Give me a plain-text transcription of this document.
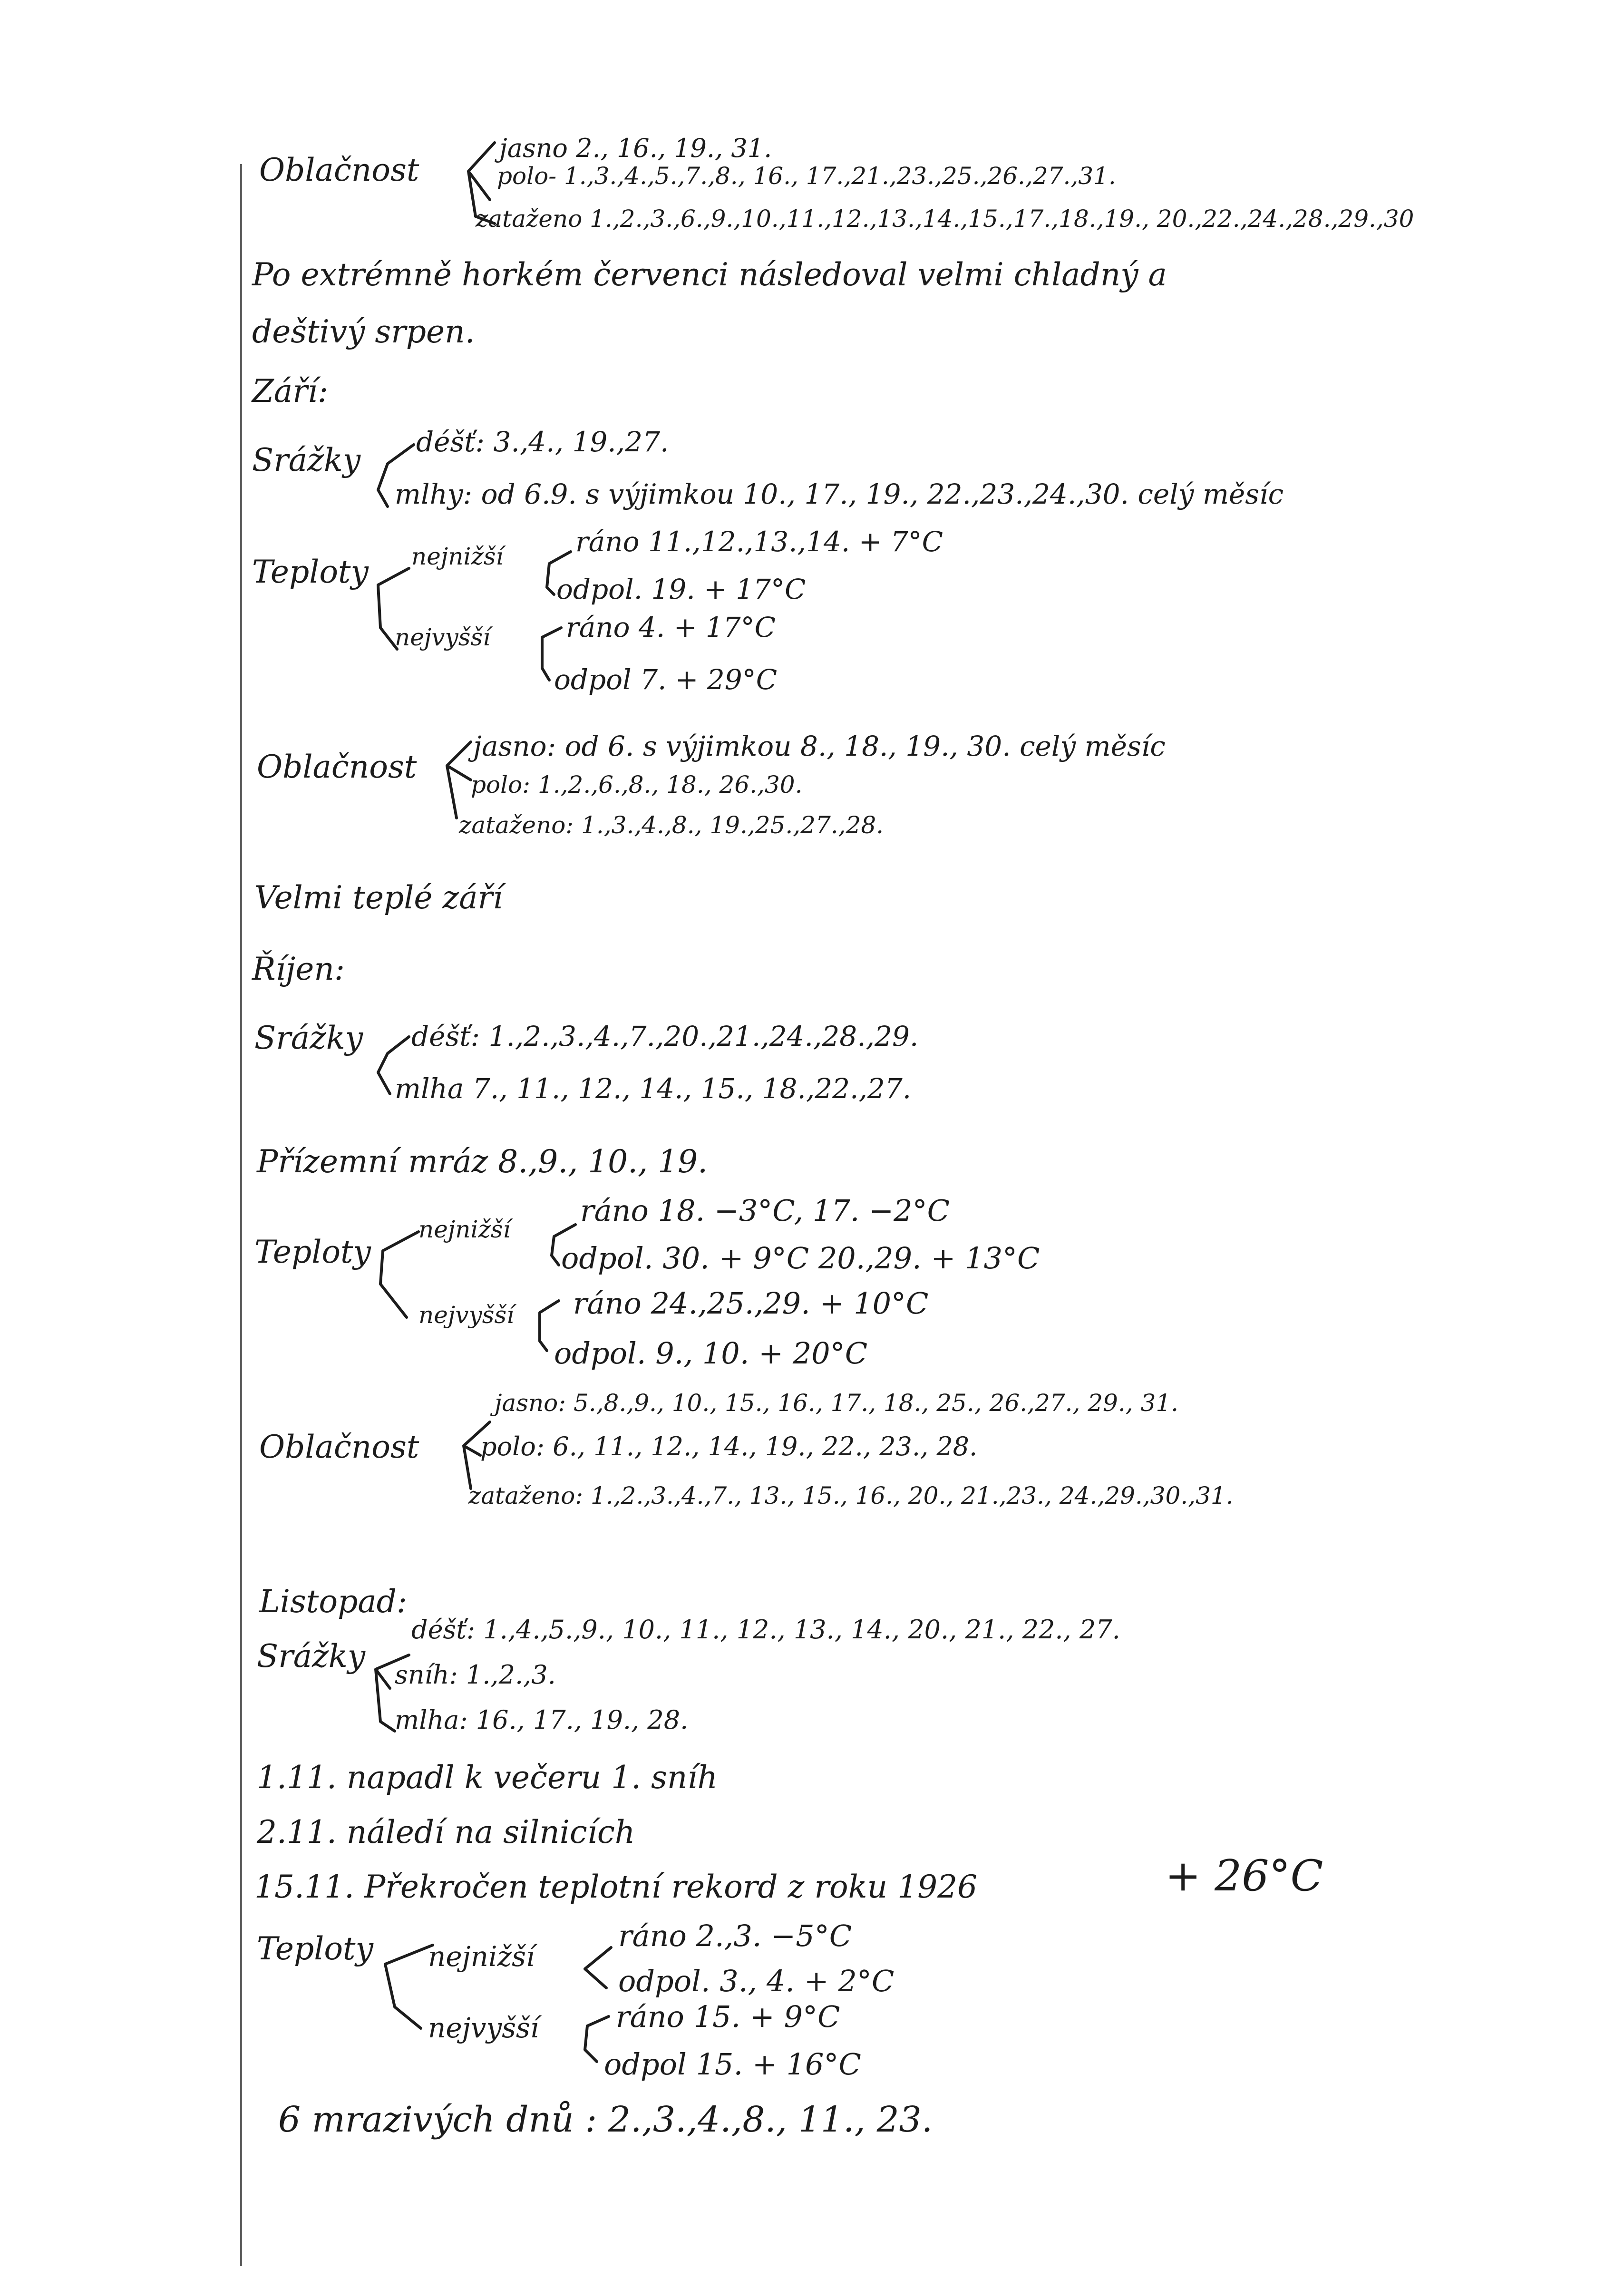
Oblačnost
jasno 2., 16., 19., 31.
polo- 1.,3.,4.,5.,7.,8., 16., 17.,21.,23.,25.,26.,27.,31.
zataženo 1.,2.,3.,6.,9.,10.,11.,12.,13.,14.,15.,17.,18.,19., 20.,22.,24.,28.,29.,30
Po extrémně horkém červenci následoval velmi chladný a
deštivý srpen.
Září:
Srážky déšť: 3.,4., 19.,27.
mlhy: od 6.9. s výjimkou 10., 17., 19., 22.,23.,24.,30. celý měsíc
Teploty nejnižší	ráno 11.,12.,13.,14. + 7°C
odpol. 19. + 17°C
nejvyšší	ráno 4. + 17°C
odpol 7. + 29°C
Oblačnost
jasno: od 6. s výjimkou 8., 18., 19., 30. celý měsíc
polo: 1.,2.,6.,8., 18., 26.,30.
zataženo: 1.,3.,4.,8., 19.,25.,27.,28.
Velmi teplé září
Říjen:
Srážky déšť: 1.,2.,3.,4.,7.,20.,21.,24.,28.,29.
mlha 7., 11., 12., 14., 15., 18.,22.,27.
Přízemní mráz 8.,9., 10., 19.
Teploty
nejnižší
ráno 18. −3°C, 17. −2°C
odpol. 30. + 9°C 20.,29. + 13°C
nejvyšší ráno 24.,25.,29. + 10°C
odpol. 9., 10. + 20°C
Oblačnost
jasno: 5.,8.,9., 10., 15., 16., 17., 18., 25., 26.,27., 29., 31.
polo: 6., 11., 12., 14., 19., 22., 23., 28.
zataženo: 1.,2.,3.,4.,7., 13., 15., 16., 20., 21.,23., 24.,29.,30.,31.
Listopad:
Srážky
déšť: 1.,4.,5.,9., 10., 11., 12., 13., 14., 20., 21., 22., 27.
sníh: 1.,2.,3.
mlha: 16., 17., 19., 28.
1.11. napadl k večeru 1. sníh
2.11. náledí na silnicích
15.11. Překročen teplotní rekord z roku 1926	+ 26°C
Teploty nejnižší
ráno 2.,3. −5°C
odpol. 3., 4. + 2°C
nejvyšší	ráno 15. + 9°C
odpol 15. + 16°C
6 mrazivých dnů : 2.,3.,4.,8., 11., 23.
